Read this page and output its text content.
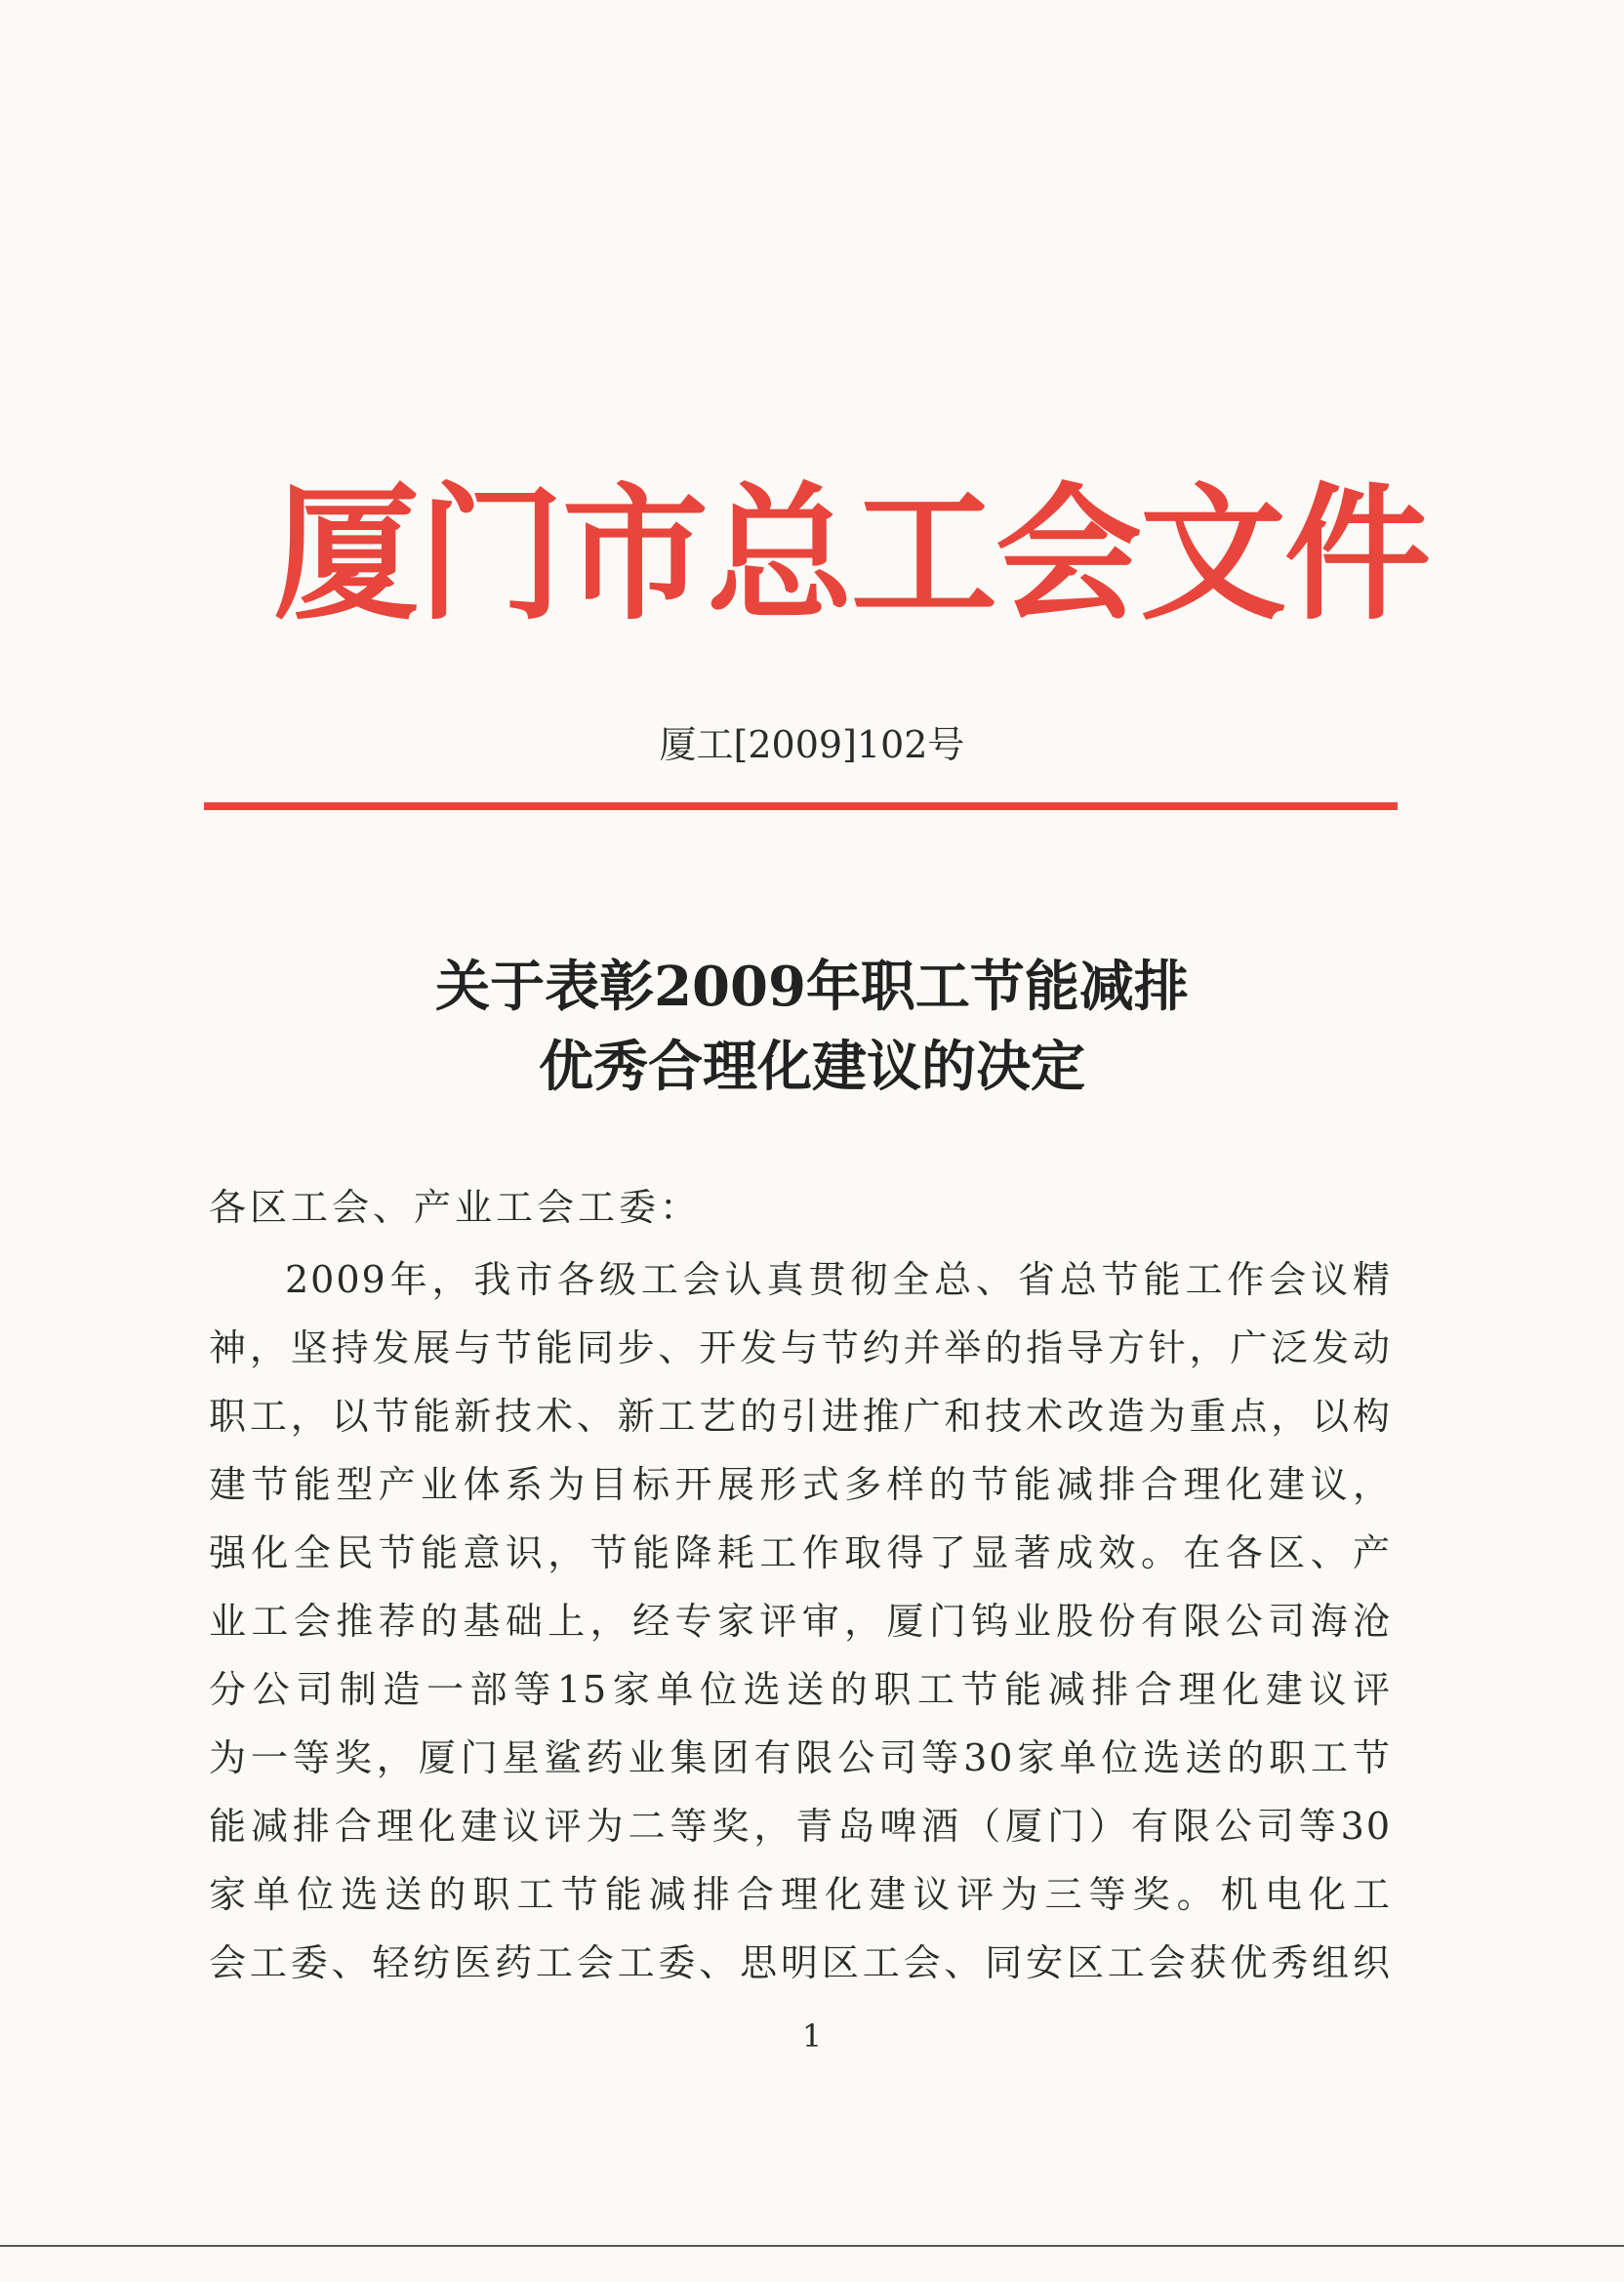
厦门市总工会文件
厦工[2009]102号
关于表彰2009年职工节能减排
优秀合理化建议的决定
各区工会、产业工会工委：
2009年，我市各级工会认真贯彻全总、省总节能工作会议精
神，坚持发展与节能同步、开发与节约并举的指导方针，广泛发动
职工，以节能新技术、新工艺的引进推广和技术改造为重点，以构
建节能型产业体系为目标开展形式多样的节能减排合理化建议，
强化全民节能意识，节能降耗工作取得了显著成效。在各区、产
业工会推荐的基础上，经专家评审，厦门钨业股份有限公司海沧
分公司制造一部等15家单位选送的职工节能减排合理化建议评
为一等奖，厦门星鲨药业集团有限公司等30家单位选送的职工节
能减排合理化建议评为二等奖，青岛啤酒（厦门）有限公司等30
家单位选送的职工节能减排合理化建议评为三等奖。机电化工
会工委、轻纺医药工会工委、思明区工会、同安区工会获优秀组织
1
